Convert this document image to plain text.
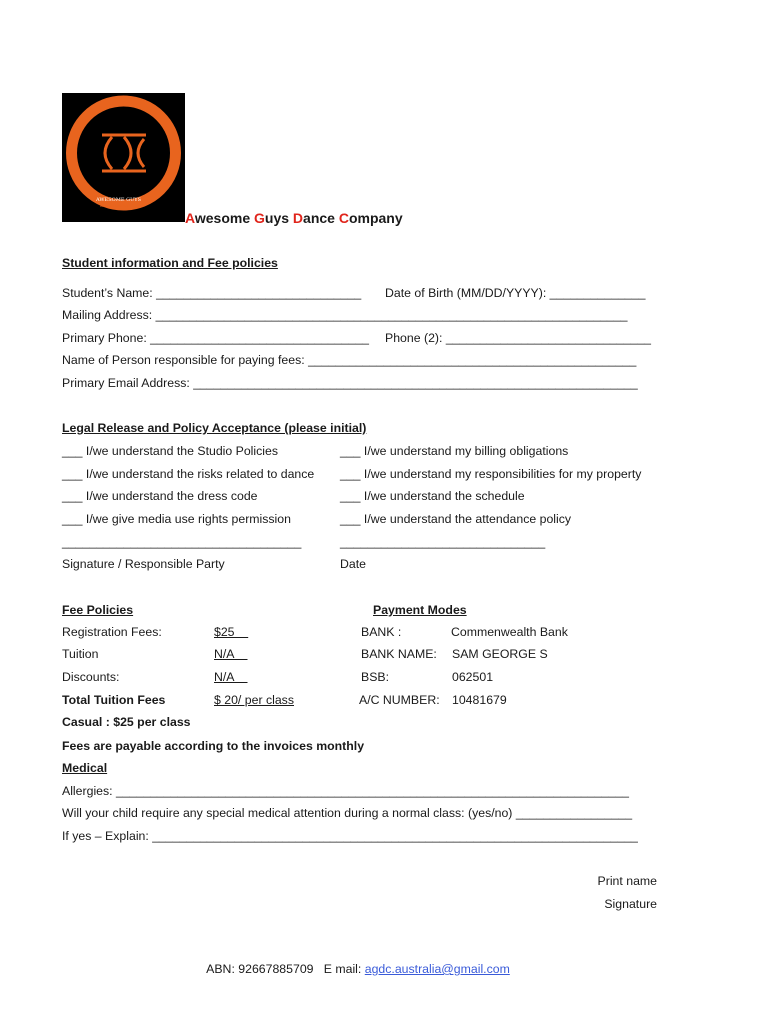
AWESOME GUYS
DANCE COMPANY
Awesome Guys Dance Company
Student information and Fee policies
Student’s Name: ______________________________ Date of Birth (MM/DD/YYYY): ______________
Mailing Address: _____________________________________________________________________
Primary Phone: ________________________________ Phone (2): ______________________________
Name of Person responsible for paying fees: ________________________________________________
Primary Email Address: _________________________________________________________________
Legal Release and Policy Acceptance (please initial)
___ I/we understand the Studio Policies
___ I/we understand the risks related to dance
___ I/we understand the dress code
___ I/we give media use rights permission
___ I/we understand my billing obligations
___ I/we understand my responsibilities for my property
___ I/we understand the schedule
___ I/we understand the attendance policy
___________________________________	______________________________
Signature / Responsible Party	Date
Fee Policies
Registration Fees:	$25
Tuition	N/A
Discounts:	N/A
Total Tuition Fees	$ 20/ per class
Casual : $25 per class
Fees are payable according to the invoices monthly
Payment Modes
BANK :	Commenwealth Bank
BANK NAME: SAM GEORGE S
BSB:	062501
A/C NUMBER: 10481679
Medical
Allergies: ___________________________________________________________________________
Will your child require any special medical attention during a normal class: (yes/no) _________________
If yes – Explain: _______________________________________________________________________
Print name
Signature

ABN: 92667885709   E mail: agdc.australia@gmail.com
